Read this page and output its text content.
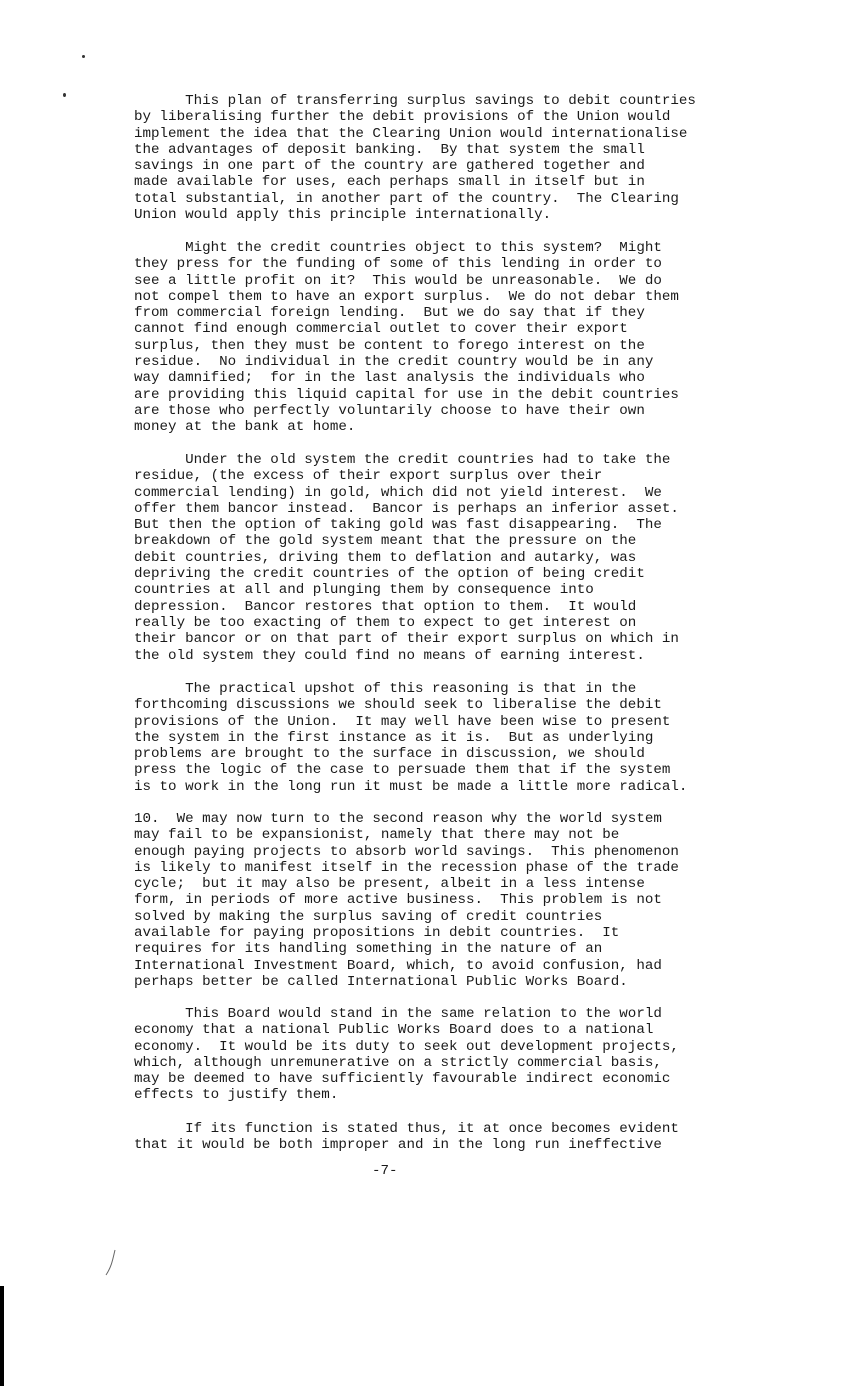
This plan of transferring surplus savings to debit countries
by liberalising further the debit provisions of the Union would
implement the idea that the Clearing Union would internationalise
the advantages of deposit banking.  By that system the small
savings in one part of the country are gathered together and
made available for uses, each perhaps small in itself but in
total substantial, in another part of the country.  The Clearing
Union would apply this principle internationally.
Might the credit countries object to this system?  Might
they press for the funding of some of this lending in order to
see a little profit on it?  This would be unreasonable.  We do
not compel them to have an export surplus.  We do not debar them
from commercial foreign lending.  But we do say that if they
cannot find enough commercial outlet to cover their export
surplus, then they must be content to forego interest on the
residue.  No individual in the credit country would be in any
way damnified;  for in the last analysis the individuals who
are providing this liquid capital for use in the debit countries
are those who perfectly voluntarily choose to have their own
money at the bank at home.
Under the old system the credit countries had to take the
residue, (the excess of their export surplus over their
commercial lending) in gold, which did not yield interest.  We
offer them bancor instead.  Bancor is perhaps an inferior asset.
But then the option of taking gold was fast disappearing.  The
breakdown of the gold system meant that the pressure on the
debit countries, driving them to deflation and autarky, was
depriving the credit countries of the option of being credit
countries at all and plunging them by consequence into
depression.  Bancor restores that option to them.  It would
really be too exacting of them to expect to get interest on
their bancor or on that part of their export surplus on which in
the old system they could find no means of earning interest.
The practical upshot of this reasoning is that in the
forthcoming discussions we should seek to liberalise the debit
provisions of the Union.  It may well have been wise to present
the system in the first instance as it is.  But as underlying
problems are brought to the surface in discussion, we should
press the logic of the case to persuade them that if the system
is to work in the long run it must be made a little more radical.
10.  We may now turn to the second reason why the world system
may fail to be expansionist, namely that there may not be
enough paying projects to absorb world savings.  This phenomenon
is likely to manifest itself in the recession phase of the trade
cycle;  but it may also be present, albeit in a less intense
form, in periods of more active business.  This problem is not
solved by making the surplus saving of credit countries
available for paying propositions in debit countries.  It
requires for its handling something in the nature of an
International Investment Board, which, to avoid confusion, had
perhaps better be called International Public Works Board.
This Board would stand in the same relation to the world
economy that a national Public Works Board does to a national
economy.  It would be its duty to seek out development projects,
which, although unremunerative on a strictly commercial basis,
may be deemed to have sufficiently favourable indirect economic
effects to justify them.
If its function is stated thus, it at once becomes evident
that it would be both improper and in the long run ineffective
-7-
